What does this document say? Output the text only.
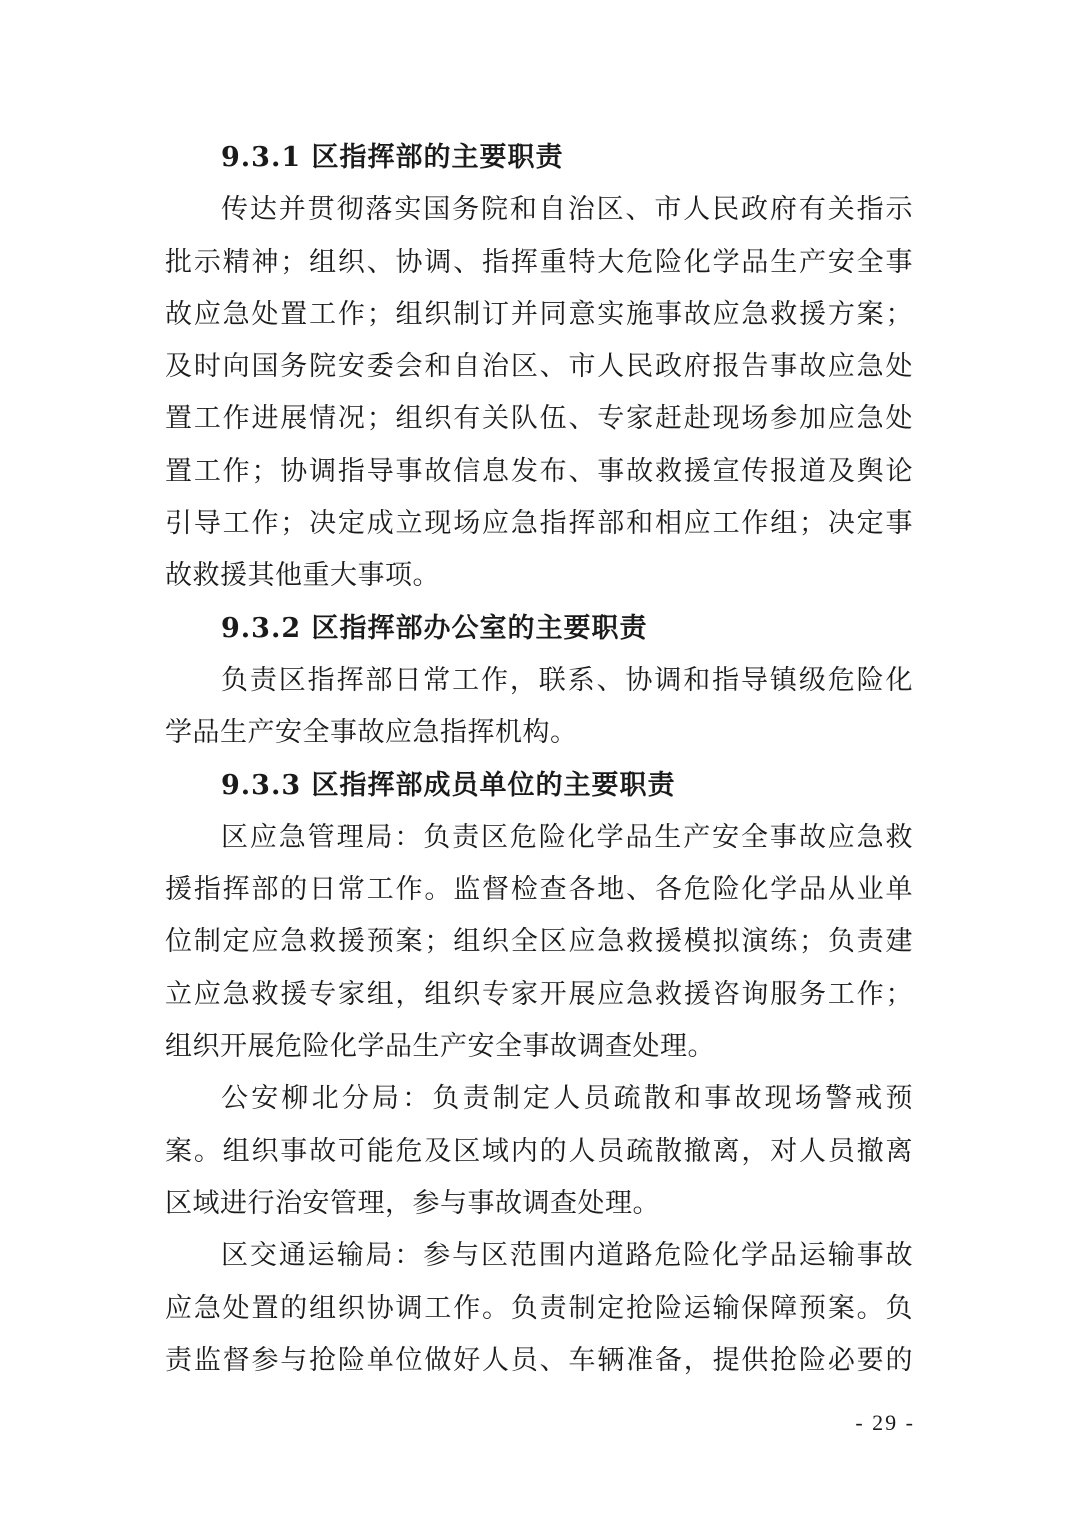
9.3.1 区指挥部的主要职责
传达并贯彻落实国务院和自治区、市人民政府有关指示
批示精神；组织、协调、指挥重特大危险化学品生产安全事
故应急处置工作；组织制订并同意实施事故应急救援方案；
及时向国务院安委会和自治区、市人民政府报告事故应急处
置工作进展情况；组织有关队伍、专家赶赴现场参加应急处
置工作；协调指导事故信息发布、事故救援宣传报道及舆论
引导工作；决定成立现场应急指挥部和相应工作组；决定事
故救援其他重大事项。
9.3.2 区指挥部办公室的主要职责
负责区指挥部日常工作，联系、协调和指导镇级危险化
学品生产安全事故应急指挥机构。
9.3.3 区指挥部成员单位的主要职责
区应急管理局：负责区危险化学品生产安全事故应急救
援指挥部的日常工作。监督检查各地、各危险化学品从业单
位制定应急救援预案；组织全区应急救援模拟演练；负责建
立应急救援专家组，组织专家开展应急救援咨询服务工作；
组织开展危险化学品生产安全事故调查处理。
公安柳北分局：负责制定人员疏散和事故现场警戒预
案。组织事故可能危及区域内的人员疏散撤离，对人员撤离
区域进行治安管理，参与事故调查处理。
区交通运输局：参与区范围内道路危险化学品运输事故
应急处置的组织协调工作。负责制定抢险运输保障预案。负
责监督参与抢险单位做好人员、车辆准备，提供抢险必要的
- 29 -
